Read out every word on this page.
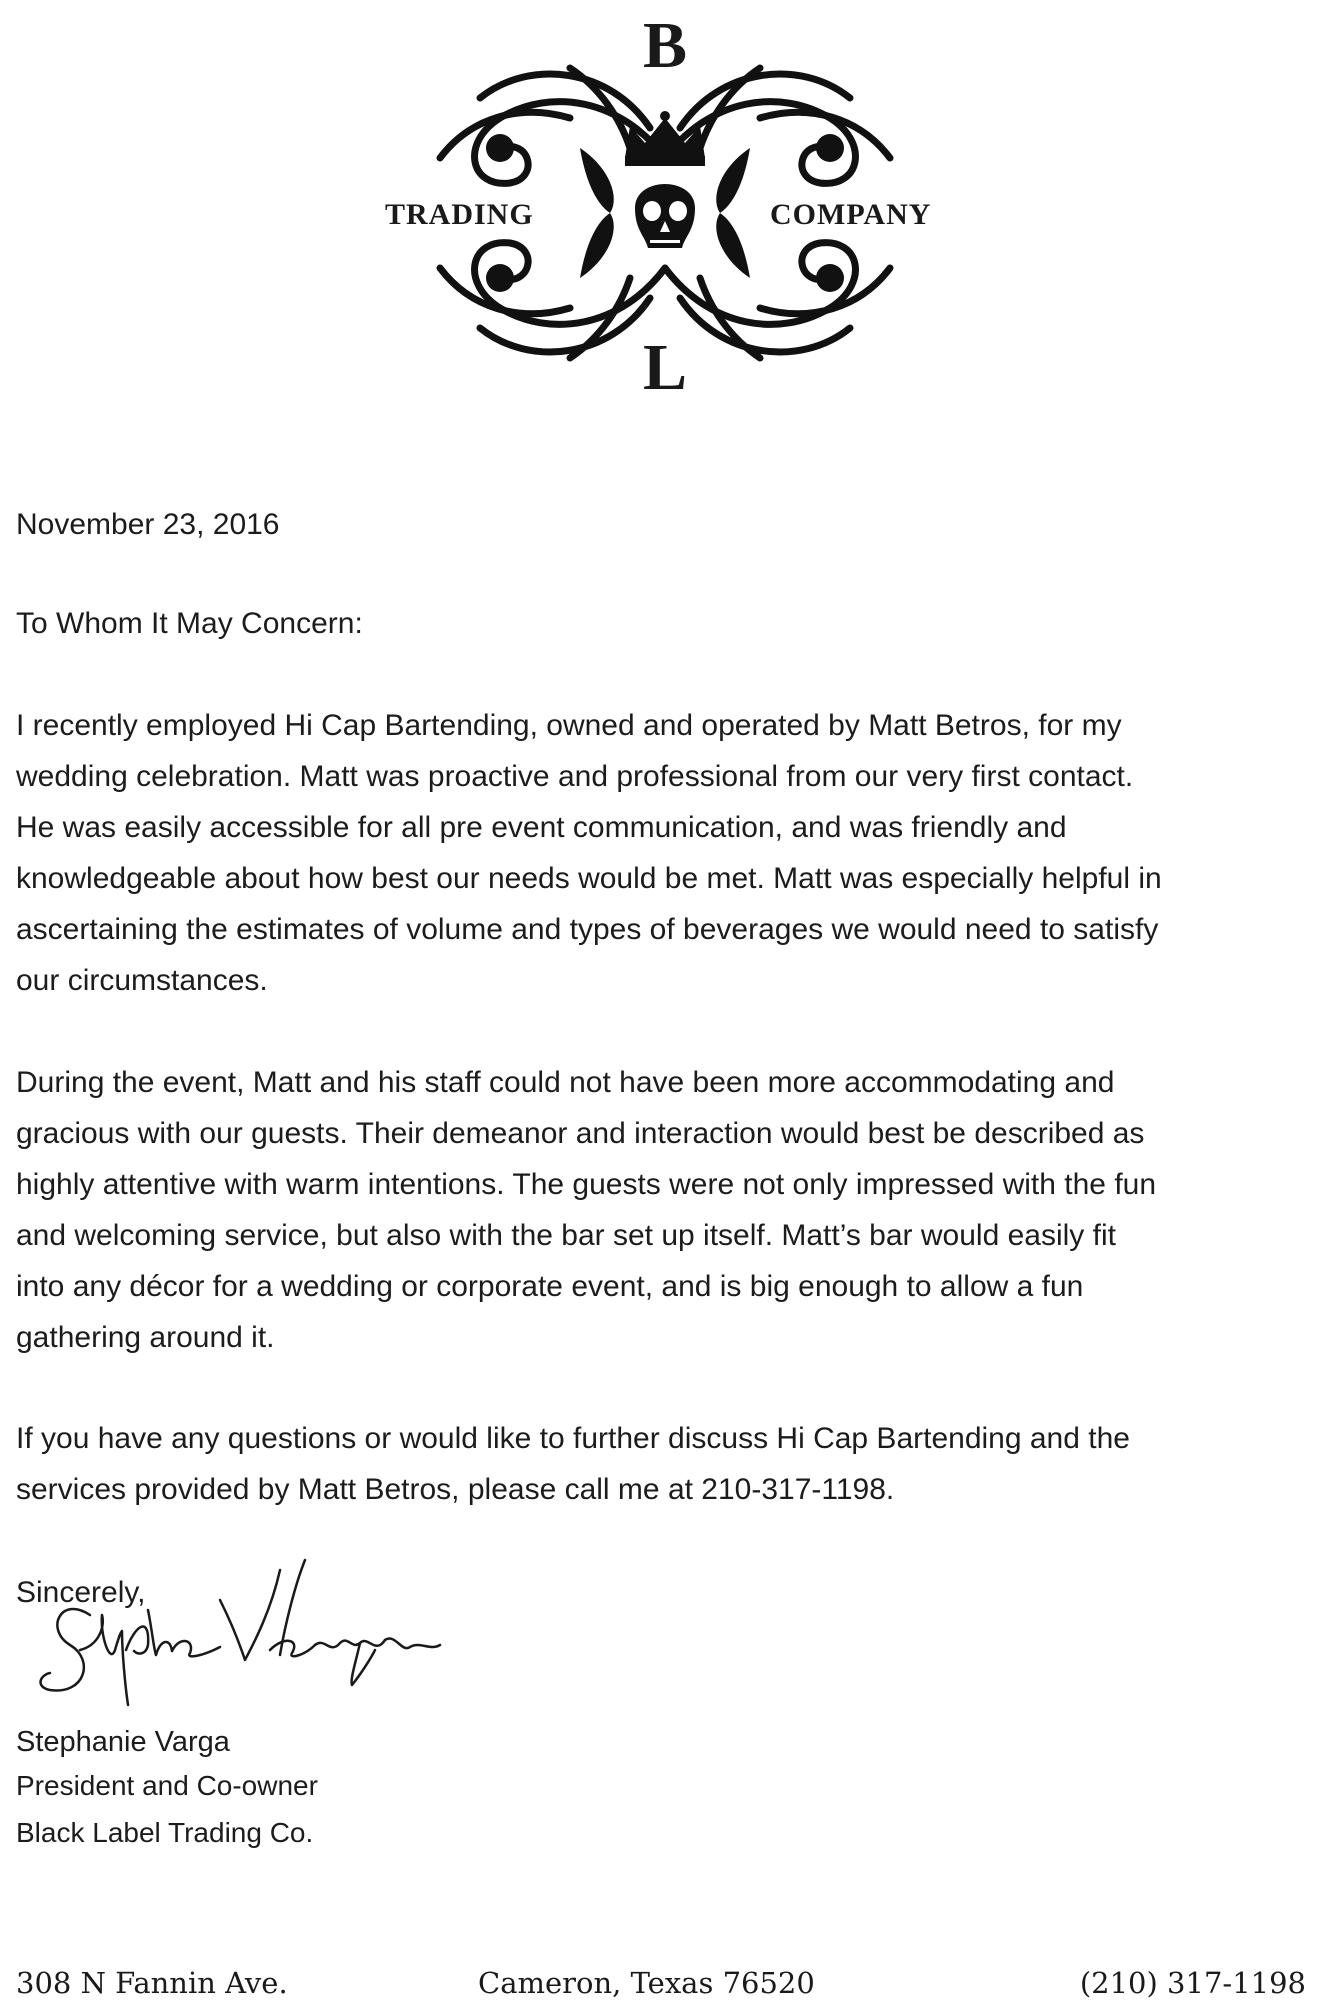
B
L
TRADING	COMPANY
November 23, 2016
To Whom It May Concern:
I recently employed Hi Cap Bartending, owned and operated by Matt Betros, for my
wedding celebration. Matt was proactive and professional from our very first contact.
He was easily accessible for all pre event communication, and was friendly and
knowledgeable about how best our needs would be met. Matt was especially helpful in
ascertaining the estimates of volume and types of beverages we would need to satisfy
our circumstances.
During the event, Matt and his staff could not have been more accommodating and
gracious with our guests. Their demeanor and interaction would best be described as
highly attentive with warm intentions. The guests were not only impressed with the fun
and welcoming service, but also with the bar set up itself. Matt’s bar would easily fit
into any décor for a wedding or corporate event, and is big enough to allow a fun
gathering around it.
If you have any questions or would like to further discuss Hi Cap Bartending and the
services provided by Matt Betros, please call me at 210-317-1198.
Sincerely,
Stephanie Varga
President and Co-owner
Black Label Trading Co.
308 N Fannin Ave.	Cameron, Texas 76520	(210) 317-1198
